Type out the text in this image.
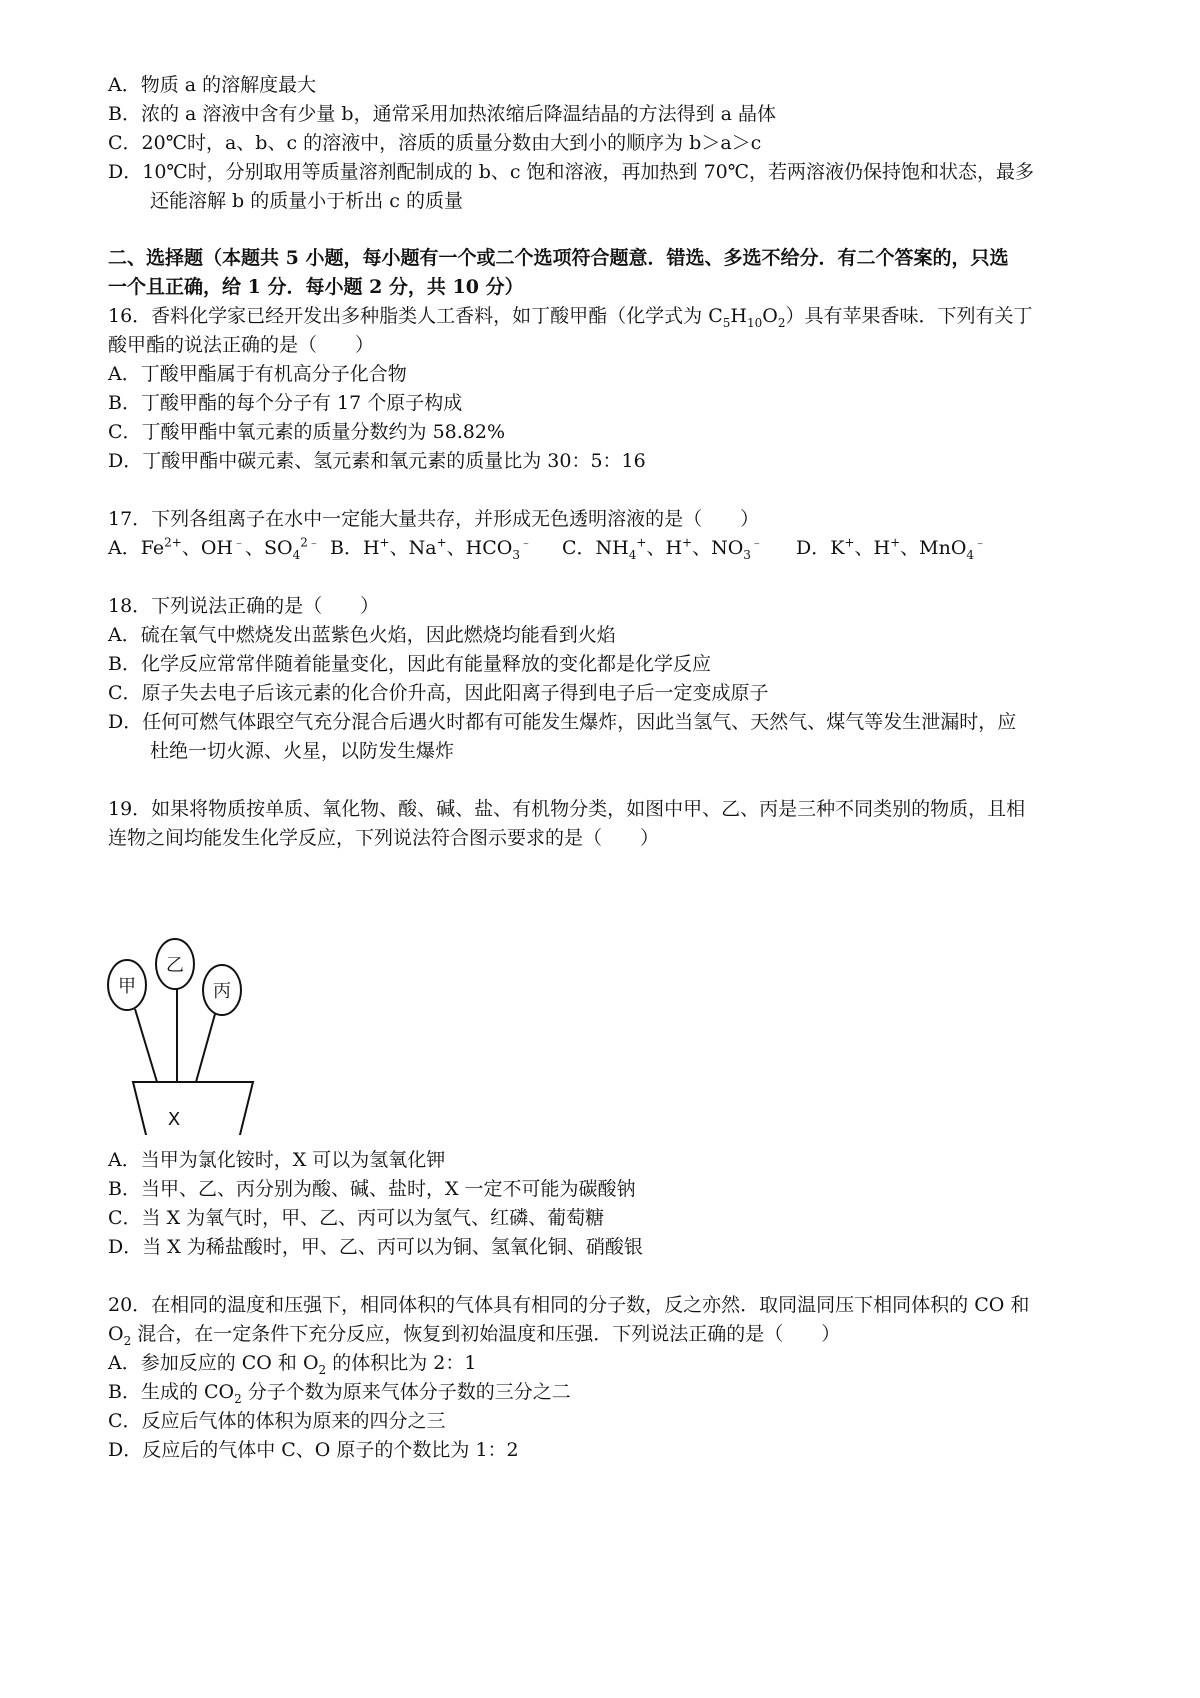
A．物质 a 的溶解度最大
B．浓的 a 溶液中含有少量 b，通常采用加热浓缩后降温结晶的方法得到 a 晶体
C．20℃时，a、b、c 的溶液中，溶质的质量分数由大到小的顺序为 b＞a＞c
D．10℃时，分别取用等质量溶剂配制成的 b、c 饱和溶液，再加热到 70℃，若两溶液仍保持饱和状态，最多
还能溶解 b 的质量小于析出 c 的质量
二、选择题（本题共 5 小题，每小题有一个或二个选项符合题意．错选、多选不给分．有二个答案的，只选
一个且正确，给 1 分．每小题 2 分，共 10 分）
16．香料化学家已经开发出多种脂类人工香料，如丁酸甲酯（化学式为 $C_5H_{10}O_2$）具有苹果香味．下列有关丁
酸甲酯的说法正确的是（　　）
A．丁酸甲酯属于有机高分子化合物
B．丁酸甲酯的每个分子有 17 个原子构成
C．丁酸甲酯中氧元素的质量分数约为 58.82%
D．丁酸甲酯中碳元素、氢元素和氧元素的质量比为 30：5：16
17．下列各组离子在水中一定能大量共存，并形成无色透明溶液的是（　　）
A．$Fe^{2+}$、OH﹣、$SO_4^{2﹣}$ B．H+、Na+、$HCO_3^﹣$ C．$NH_4^+$、H+、$NO_3^﹣$ D．K+、H+、MnO$_4$﹣
18．下列说法正确的是（　　）
A．硫在氧气中燃烧发出蓝紫色火焰，因此燃烧均能看到火焰
B．化学反应常常伴随着能量变化，因此有能量释放的变化都是化学反应
C．原子失去电子后该元素的化合价升高，因此阳离子得到电子后一定变成原子
D．任何可燃气体跟空气充分混合后遇火时都有可能发生爆炸，因此当氢气、天然气、煤气等发生泄漏时，应
杜绝一切火源、火星，以防发生爆炸
19．如果将物质按单质、氧化物、酸、碱、盐、有机物分类，如图中甲、乙、丙是三种不同类别的物质，且相
连物之间均能发生化学反应，下列说法符合图示要求的是（　　）
甲
乙
丙
X
A．当甲为氯化铵时，X 可以为氢氧化钾
B．当甲、乙、丙分别为酸、碱、盐时，X 一定不可能为碳酸钠
C．当 X 为氧气时，甲、乙、丙可以为氢气、红磷、葡萄糖
D．当 X 为稀盐酸时，甲、乙、丙可以为铜、氢氧化铜、硝酸银
20．在相同的温度和压强下，相同体积的气体具有相同的分子数，反之亦然．取同温同压下相同体积的 CO 和
$O_2$ 混合，在一定条件下充分反应，恢复到初始温度和压强．下列说法正确的是（　　）
A．参加反应的 CO 和 $O_2$ 的体积比为 2：1
B．生成的 $CO_2$ 分子个数为原来气体分子数的三分之二
C．反应后气体的体积为原来的四分之三
D．反应后的气体中 C、O 原子的个数比为 1：2
